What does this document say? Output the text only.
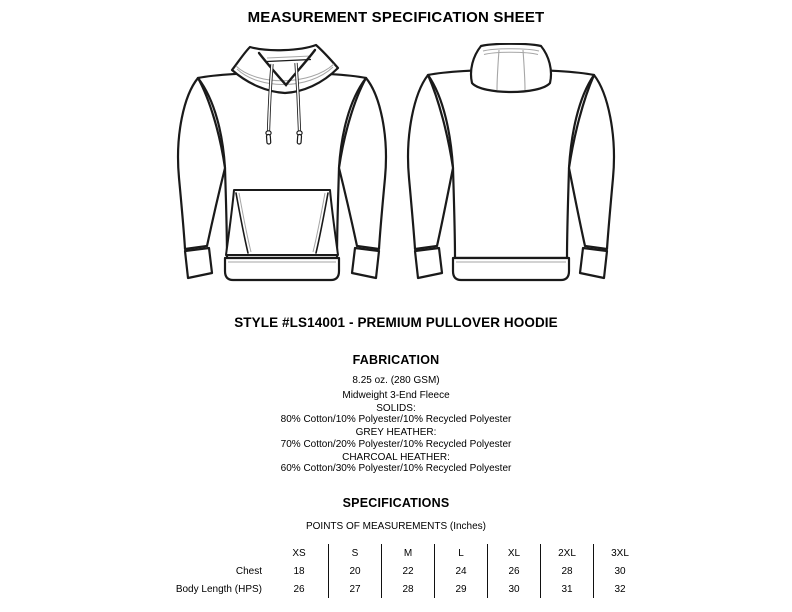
MEASUREMENT SPECIFICATION SHEET
STYLE #LS14001 - PREMIUM PULLOVER HOODIE
FABRICATION
8.25 oz. (280 GSM)
Midweight 3-End Fleece
SOLIDS:
80% Cotton/10% Polyester/10% Recycled Polyester
GREY HEATHER:
70% Cotton/20% Polyester/10% Recycled Polyester
CHARCOAL HEATHER:
60% Cotton/30% Polyester/10% Recycled Polyester
SPECIFICATIONS
POINTS OF MEASUREMENTS (Inches)
	XS	S	M	L	XL	2XL	3XL
Chest	18	20	22	24	26	28	30
Body Length (HPS)	26	27	28	29	30	31	32
